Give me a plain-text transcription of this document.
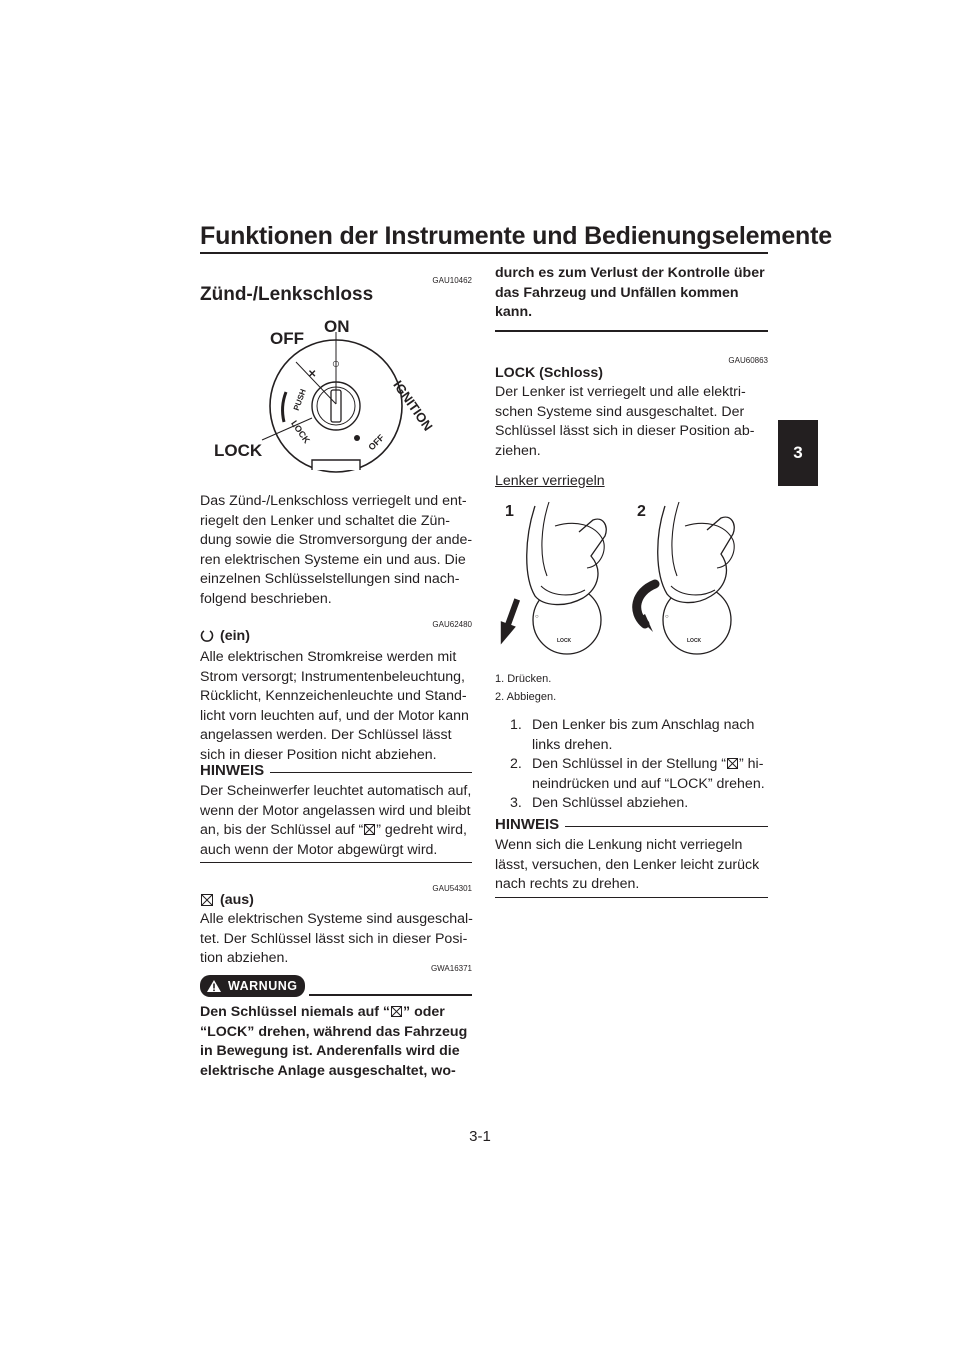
Funktionen der Instrumente und Bedienungselemente
3
GAU10462
Zünd-/Lenkschloss
○
✕
OFF
ON
LOCK
IGNITION
OFF
PUSH
LOCK
Das Zünd-/Lenkschloss verriegelt und ent-
riegelt den Lenker und schaltet die Zün-
dung sowie die Stromversorgung der ande-
ren elektrischen Systeme ein und aus. Die
einzelnen Schlüsselstellungen sind nach-
folgend beschrieben.
GAU62480
(ein)
Alle elektrischen Stromkreise werden mit
Strom versorgt; Instrumentenbeleuchtung,
Rücklicht, Kennzeichenleuchte und Stand-
licht vorn leuchten auf, und der Motor kann
angelassen werden. Der Schlüssel lässt
sich in dieser Position nicht abziehen.
HINWEIS
Der Scheinwerfer leuchtet automatisch auf,
wenn der Motor angelassen wird und bleibt
an, bis der Schlüssel auf “ ” gedreht wird,
auch wenn der Motor abgewürgt wird.
GAU54301
(aus)
Alle elektrischen Systeme sind ausgeschal-
tet. Der Schlüssel lässt sich in dieser Posi-
tion abziehen.
GWA16371
WARNUNG
Den Schlüssel niemals auf “ ” oder
“LOCK” drehen, während das Fahrzeug
in Bewegung ist. Anderenfalls wird die
elektrische Anlage ausgeschaltet, wo-
durch es zum Verlust der Kontrolle über
das Fahrzeug und Unfällen kommen
kann.
GAU60863
LOCK (Schloss)
Der Lenker ist verriegelt und alle elektri-
schen Systeme sind ausgeschaltet. Der
Schlüssel lässt sich in dieser Position ab-
ziehen.
Lenker verriegeln
1	2
LOCK
○
LOCK
○
1. Drücken.
2. Abbiegen.
1. Den Lenker bis zum Anschlag nach
links drehen.
2. Den Schlüssel in der Stellung “ ” hi-
neindrücken und auf “LOCK” drehen.
3. Den Schlüssel abziehen.
HINWEIS
Wenn sich die Lenkung nicht verriegeln
lässt, versuchen, den Lenker leicht zurück
nach rechts zu drehen.
3-1
